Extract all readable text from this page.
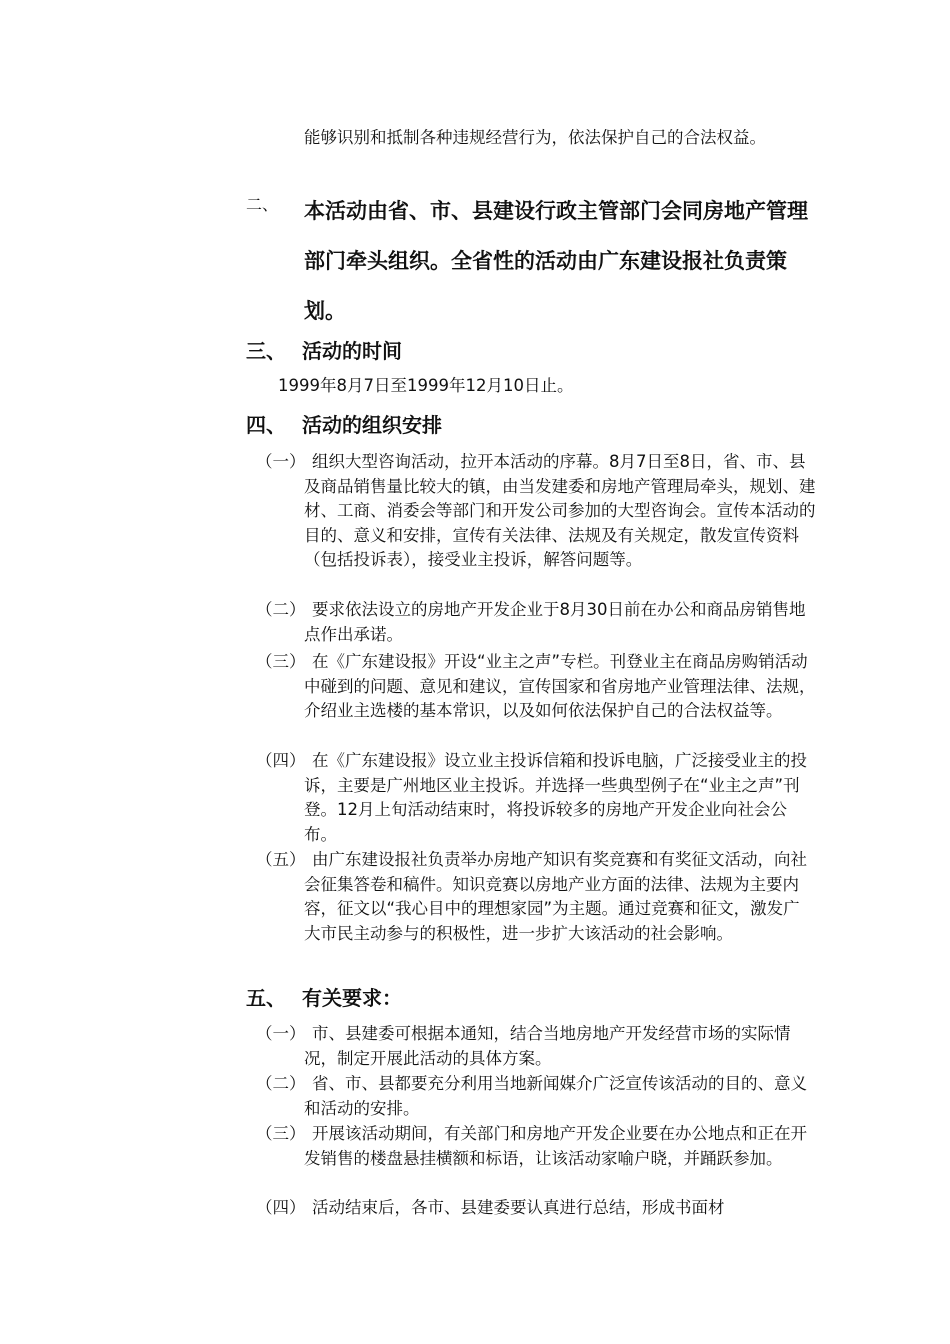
能够识别和抵制各种违规经营行为，依法保护自己的合法权益。
二、 本活动由省、市、县建设行政主管部门会同房地产管理部门牵头组织。全省性的活动由广东建设报社负责策划。
三、 活动的时间
1999年8月7日至1999年12月10日止。
四、 活动的组织安排
（一） 组织大型咨询活动，拉开本活动的序幕。8月7日至8日，省、市、县及商品销售量比较大的镇，由当发建委和房地产管理局牵头，规划、建材、工商、消委会等部门和开发公司参加的大型咨询会。宣传本活动的目的、意义和安排，宣传有关法律、法规及有关规定，散发宣传资料（包括投诉表），接受业主投诉，解答问题等。
（二） 要求依法设立的房地产开发企业于8月30日前在办公和商品房销售地点作出承诺。
（三） 在《广东建设报》开设“业主之声”专栏。刊登业主在商品房购销活动中碰到的问题、意见和建议，宣传国家和省房地产业管理法律、法规，介绍业主选楼的基本常识，以及如何依法保护自己的合法权益等。
（四） 在《广东建设报》设立业主投诉信箱和投诉电脑，广泛接受业主的投诉，主要是广州地区业主投诉。并选择一些典型例子在“业主之声”刊登。12月上旬活动结束时，将投诉较多的房地产开发企业向社会公布。
（五） 由广东建设报社负责举办房地产知识有奖竞赛和有奖征文活动，向社会征集答卷和稿件。知识竞赛以房地产业方面的法律、法规为主要内容，征文以“我心目中的理想家园”为主题。通过竞赛和征文，激发广大市民主动参与的积极性，进一步扩大该活动的社会影响。
五、 有关要求：
（一） 市、县建委可根据本通知，结合当地房地产开发经营市场的实际情况，制定开展此活动的具体方案。
（二） 省、市、县都要充分利用当地新闻媒介广泛宣传该活动的目的、意义和活动的安排。
（三） 开展该活动期间，有关部门和房地产开发企业要在办公地点和正在开发销售的楼盘悬挂横额和标语，让该活动家喻户晓，并踊跃参加。
（四） 活动结束后，各市、县建委要认真进行总结，形成书面材
